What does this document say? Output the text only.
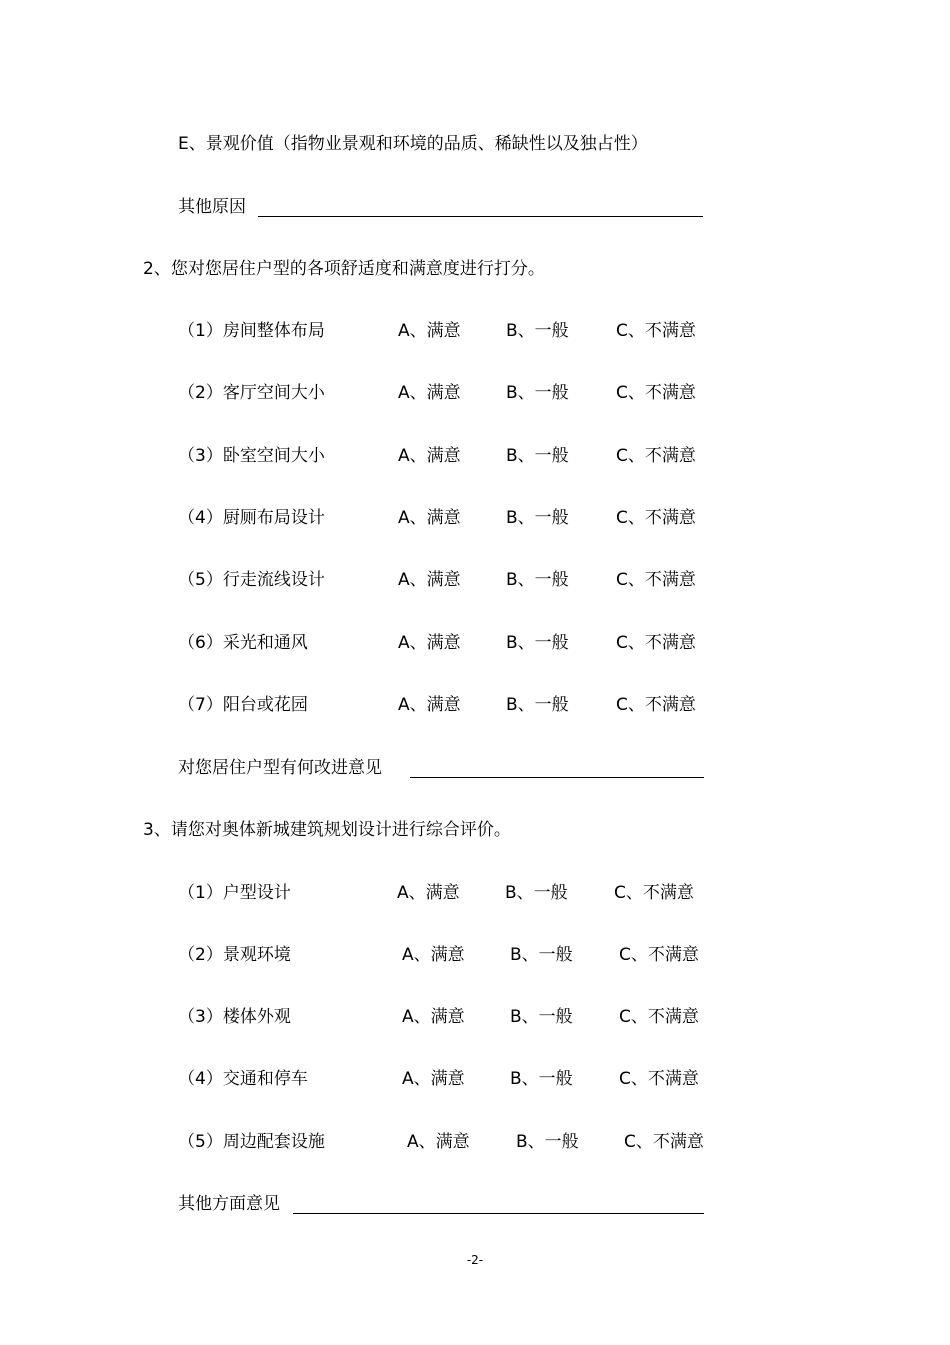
E、景观价值（指物业景观和环境的品质、稀缺性以及独占性）
其他原因
2、您对您居住户型的各项舒适度和满意度进行打分。
（1）房间整体布局	A、满意	B、一般	C、不满意
（2）客厅空间大小	A、满意	B、一般	C、不满意
（3）卧室空间大小	A、满意	B、一般	C、不满意
（4）厨厕布局设计	A、满意	B、一般	C、不满意
（5）行走流线设计	A、满意	B、一般	C、不满意
（6）采光和通风	A、满意	B、一般	C、不满意
（7）阳台或花园	A、满意	B、一般	C、不满意
对您居住户型有何改进意见
3、请您对奥体新城建筑规划设计进行综合评价。
（1）户型设计	A、满意	B、一般	C、不满意
（2）景观环境	A、满意	B、一般	C、不满意
（3）楼体外观	A、满意	B、一般	C、不满意
（4）交通和停车	A、满意	B、一般	C、不满意
（5）周边配套设施	A、满意	B、一般	C、不满意
其他方面意见
-2-
